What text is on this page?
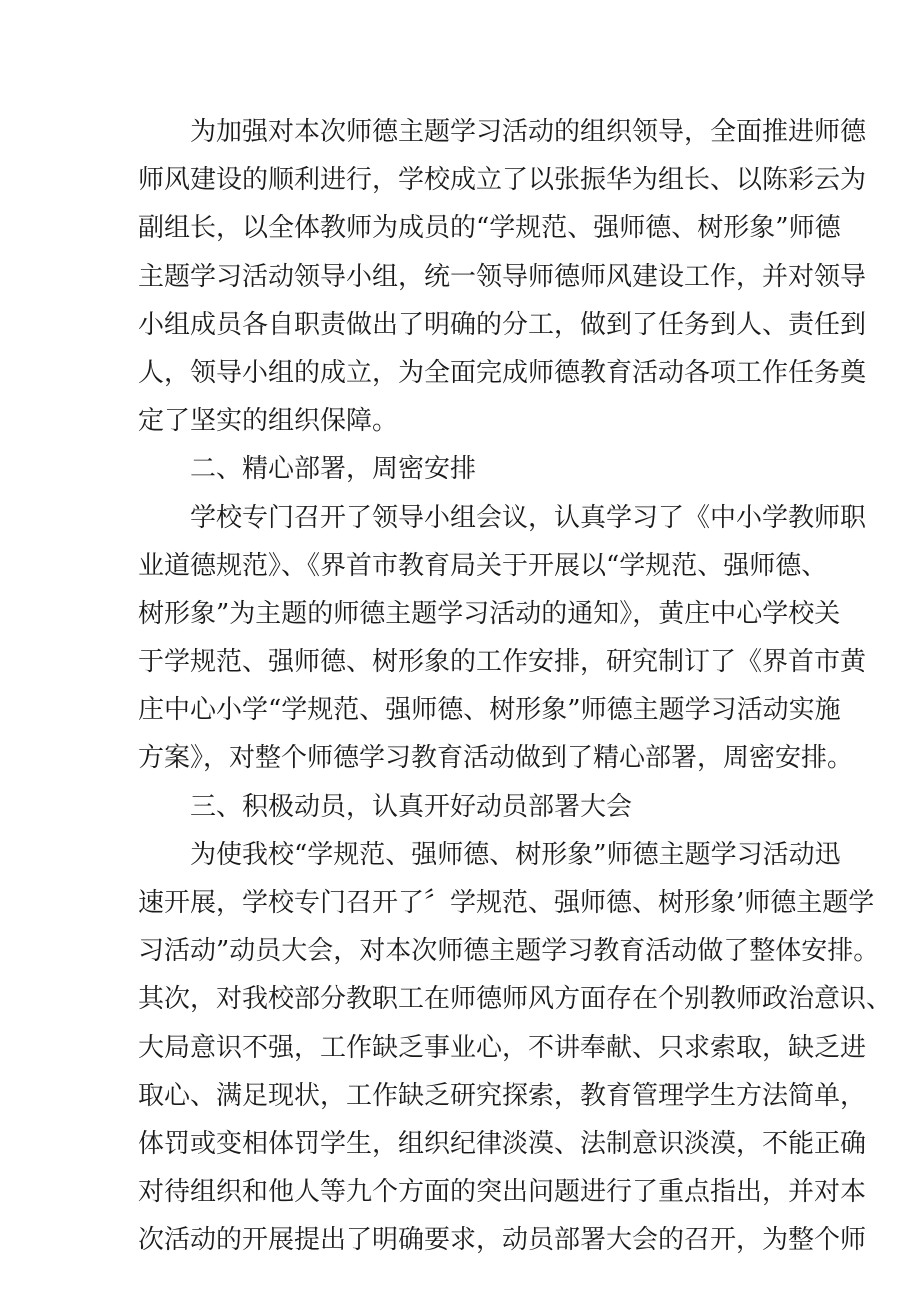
为加强对本次师德主题学习活动的组织领导，全面推进师德
师风建设的顺利进行，学校成立了以张振华为组长、以陈彩云为
副组长，以全体教师为成员的“学规范、强师德、树形象”师德
主题学习活动领导小组，统一领导师德师风建设工作，并对领导
小组成员各自职责做出了明确的分工，做到了任务到人、责任到
人，领导小组的成立，为全面完成师德教育活动各项工作任务奠
定了坚实的组织保障。
二、精心部署，周密安排
学校专门召开了领导小组会议，认真学习了《中小学教师职
业道德规范》、《界首市教育局关于开展以“学规范、强师德、
树形象”为主题的师德主题学习活动的通知》，黄庄中心学校关
于学规范、强师德、树形象的工作安排，研究制订了《界首市黄
庄中心小学“学规范、强师德、树形象”师德主题学习活动实施
方案》，对整个师德学习教育活动做到了精心部署，周密安排。
三、积极动员，认真开好动员部署大会
为使我校“学规范、强师德、树形象”师德主题学习活动迅
速开展，学校专门召开了〞学规范、强师德、树形象’师德主题学
习活动”动员大会，对本次师德主题学习教育活动做了整体安排。
其次，对我校部分教职工在师德师风方面存在个别教师政治意识、
大局意识不强，工作缺乏事业心，不讲奉献、只求索取，缺乏进
取心、满足现状，工作缺乏研究探索，教育管理学生方法简单，
体罚或变相体罚学生，组织纪律淡漠、法制意识淡漠，不能正确
对待组织和他人等九个方面的突出问题进行了重点指出，并对本
次活动的开展提出了明确要求，动员部署大会的召开，为整个师
